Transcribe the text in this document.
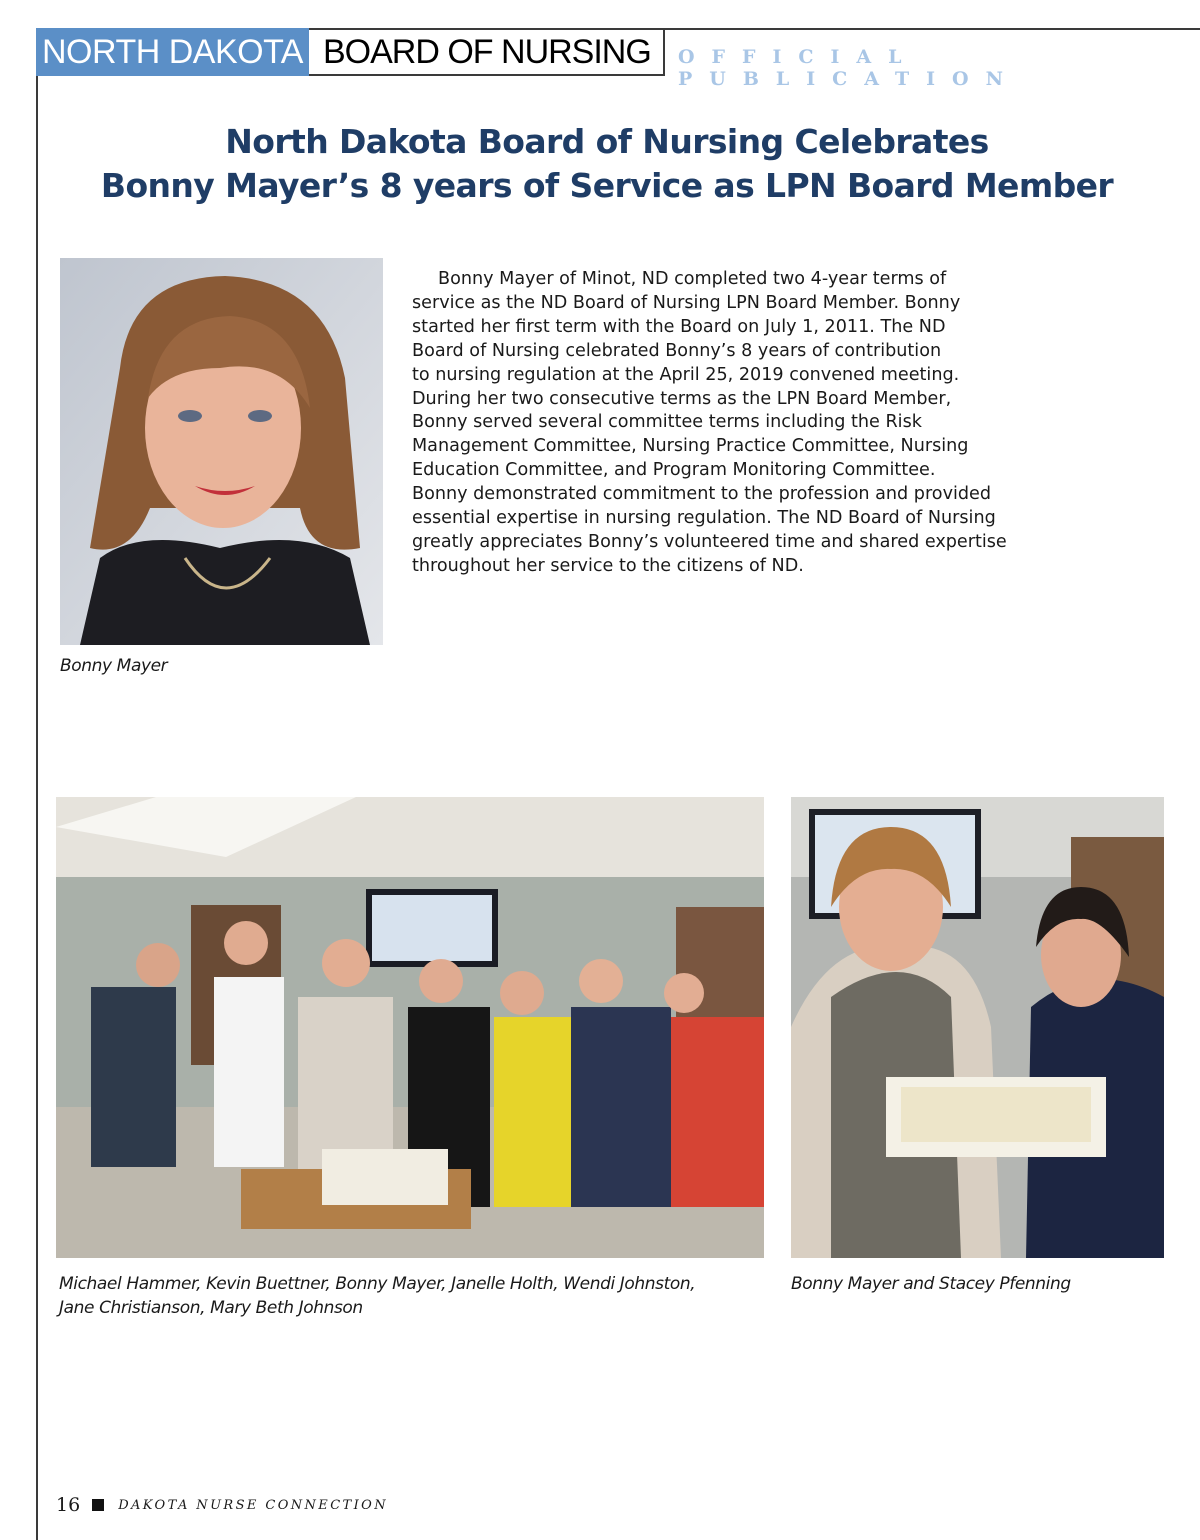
NORTH DAKOTA BOARD OF NURSING	OFFICIAL PUBLICATION
North Dakota Board of Nursing Celebrates
Bonny Mayer’s 8 years of Service as LPN Board Member
Bonny Mayer of Minot, ND completed two 4-year terms of
service as the ND Board of Nursing LPN Board Member. Bonny
started her first term with the Board on July 1, 2011. The ND
Board of Nursing celebrated Bonny’s 8 years of contribution
to nursing regulation at the April 25, 2019 convened meeting.
During her two consecutive terms as the LPN Board Member,
Bonny served several committee terms including the Risk
Management Committee, Nursing Practice Committee, Nursing
Education Committee, and Program Monitoring Committee.
Bonny demonstrated commitment to the profession and provided
essential expertise in nursing regulation. The ND Board of Nursing
greatly appreciates Bonny’s volunteered time and shared expertise
throughout her service to the citizens of ND.
Bonny Mayer
Michael Hammer, Kevin Buettner, Bonny Mayer, Janelle Holth, Wendi Johnston,
Jane Christianson, Mary Beth Johnson
Bonny Mayer and Stacey Pfenning
16	DAKOTA NURSE CONNECTION
